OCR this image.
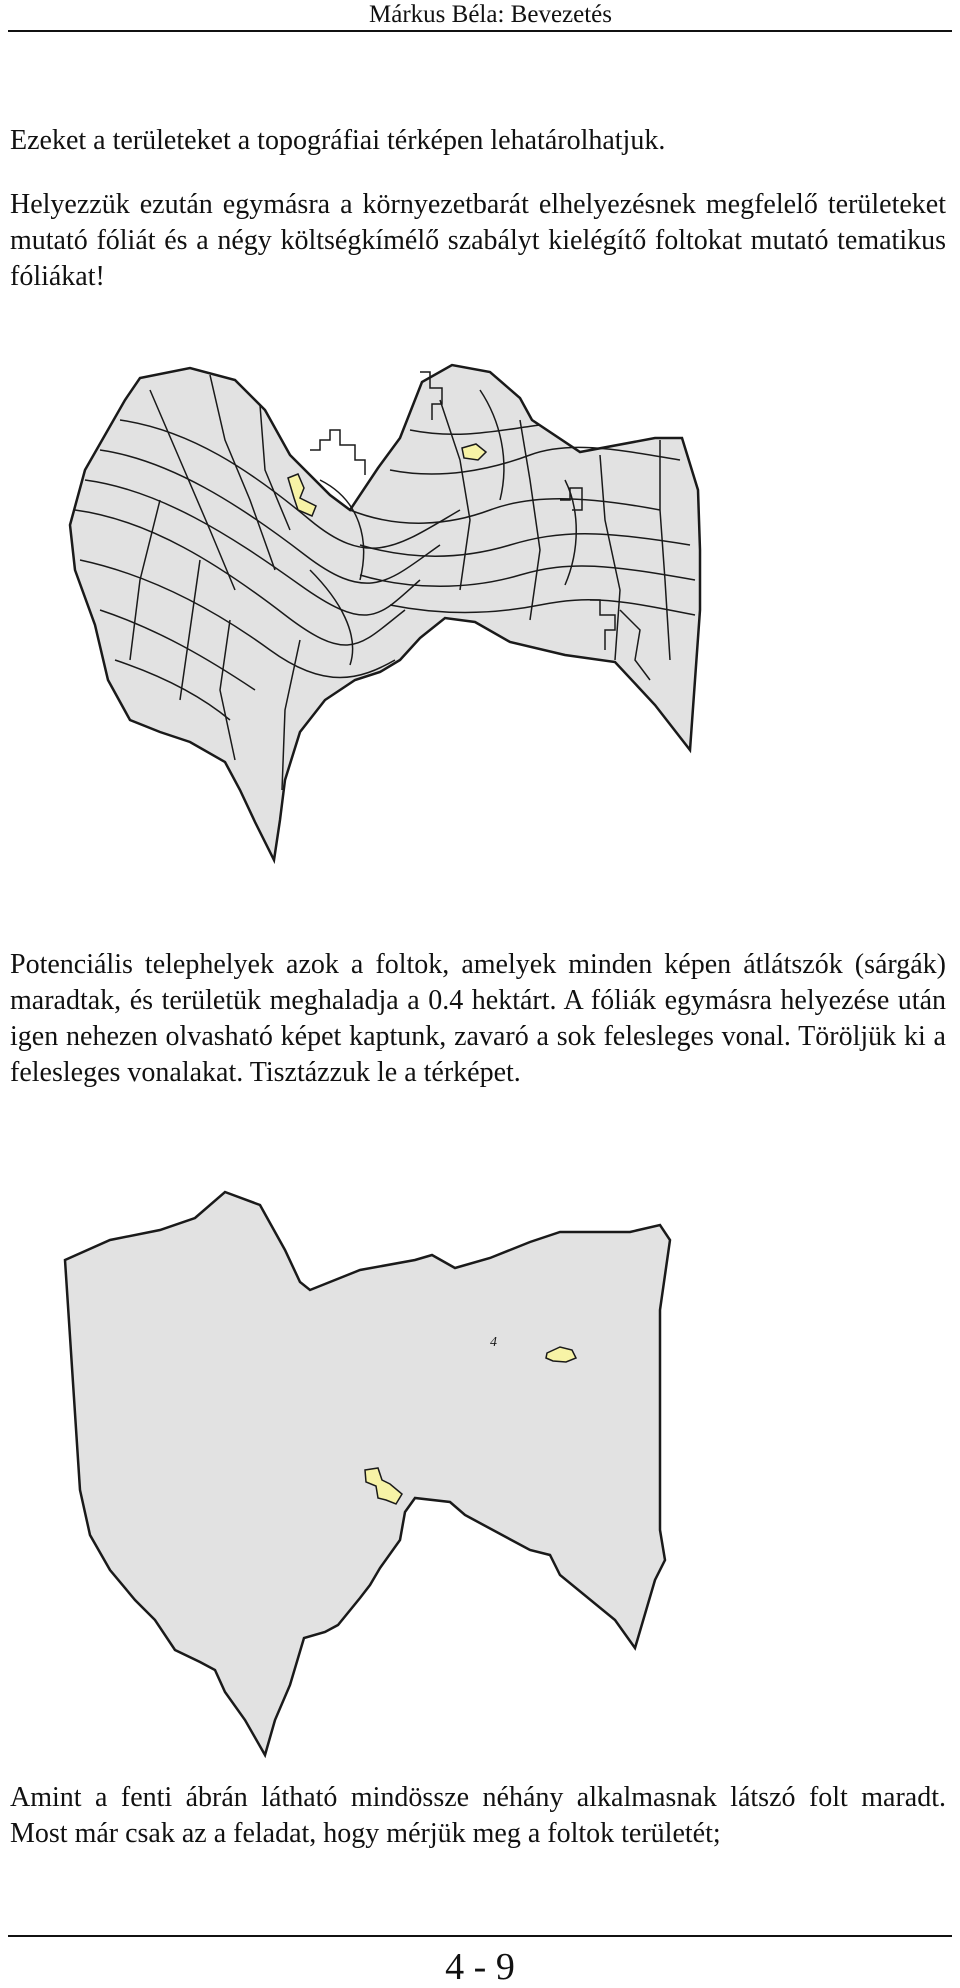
Márkus Béla: Bevezetés

Ezeket a területeket a topográfiai térképen lehatárolhatjuk.

Helyezzük ezután egymásra a környezetbarát elhelyezésnek megfelelő területeket mutató fóliát és a négy költségkímélő szabályt kielégítő foltokat mutató tematikus fóliákat!

Potenciális telephelyek azok a foltok, amelyek minden képen átlátszók (sárgák) maradtak, és területük meghaladja a 0.4 hektárt. A fóliák egymásra helyezése után igen nehezen olvasható képet kaptunk, zavaró a sok felesleges vonal. Töröljük ki a felesleges vonalakat. Tisztázzuk le a térképet.

4

Amint a fenti ábrán látható mindössze néhány alkalmasnak látszó folt maradt. Most már csak az a feladat, hogy mérjük meg a foltok területét;

4 - 9
